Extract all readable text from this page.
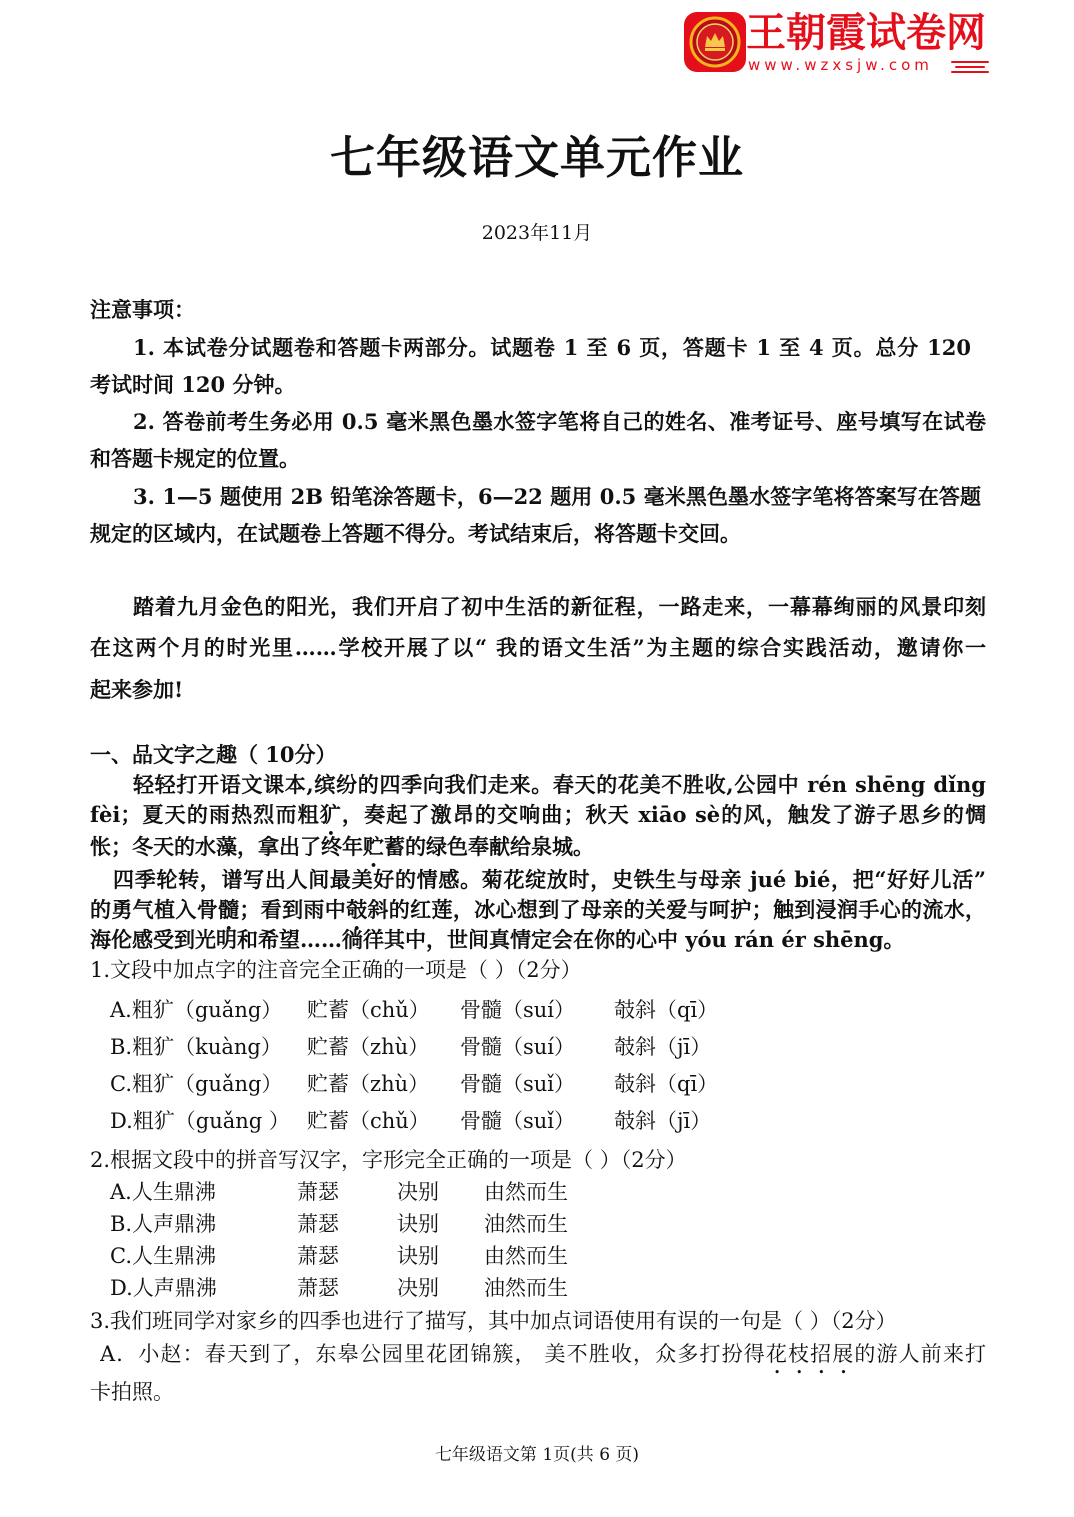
王朝霞试卷网
www.wzxsjw.com
七年级语文单元作业
2023年11月
注意事项：
1. 本试卷分试题卷和答题卡两部分。试题卷 1 至 6 页，答题卡 1 至 4 页。总分 120
考试时间 120 分钟。
2. 答卷前考生务必用 0.5 毫米黑色墨水签字笔将自己的姓名、准考证号、座号填写在试卷
和答题卡规定的位置。
3. 1—5 题使用 2B 铅笔涂答题卡，6—22 题用 0.5 毫米黑色墨水签字笔将答案写在答题
规定的区域内，在试题卷上答题不得分。考试结束后，将答题卡交回。
踏着九月金色的阳光，我们开启了初中生活的新征程，一路走来，一幕幕绚丽的风景印刻
在这两个月的时光里……学校开展了以“ 我的语文生活”为主题的综合实践活动，邀请你一
起来参加!
一、品文字之趣（ 10分）
轻轻打开语文课本,缤纷的四季向我们走来。春天的花美不胜收,公园中 rén shēng dǐng
fèi；夏天的雨热烈而粗犷，奏起了激昂的交响曲；秋天 xiāo sè的风，触发了游子思乡的惆
怅；冬天的水藻，拿出了终年贮蓄的绿色奉献给泉城。
四季轮转，谱写出人间最美好的情感。菊花绽放时，史铁生与母亲 jué bié，把“好好儿活”
的勇气植入骨髓；看到雨中攲斜的红莲，冰心想到了母亲的关爱与呵护；触到浸润手心的流水，
海伦感受到光明和希望……徜徉其中，世间真情定会在你的心中 yóu rán ér shēng。
1.文段中加点字的注音完全正确的一项是（ ）（2分）
A.粗犷（guǎng） 贮蓄（chǔ） 骨髓（suí） 攲斜（qī）
B.粗犷（kuàng） 贮蓄（zhù） 骨髓（suí） 攲斜（jī）
C.粗犷（guǎng） 贮蓄（zhù） 骨髓（suǐ） 攲斜（qī）
D.粗犷（guǎng ） 贮蓄（chǔ） 骨髓（suǐ） 攲斜（jī）
2.根据文段中的拼音写汉字，字形完全正确的一项是（ ）（2分）
A.人生鼎沸	萧瑟	决别 由然而生
B.人声鼎沸	萧瑟	诀别 油然而生
C.人生鼎沸	萧瑟	诀别 由然而生
D.人声鼎沸	萧瑟	决别 油然而生
3.我们班同学对家乡的四季也进行了描写，其中加点词语使用有误的一句是（ ）（2分）
A．小赵：春天到了，东皋公园里花团锦簇， 美不胜收，众多打扮得花枝招展的游人前来打
卡拍照。
七年级语文第 1页(共 6 页)
